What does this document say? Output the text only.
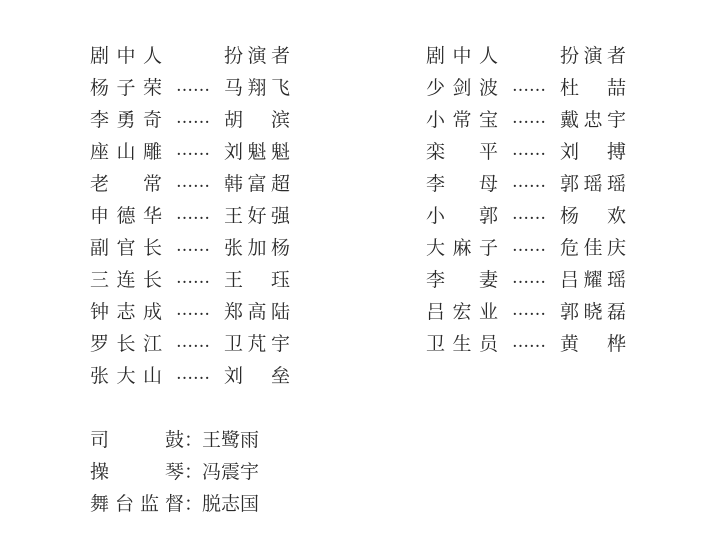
剧中人	扮演者
杨子荣 …… 马翔飞
李勇奇 …… 胡　滨
座山雕 …… 刘魁魁
老　常 …… 韩富超
申德华 …… 王好强
副官长 …… 张加杨
三连长 …… 王　珏
钟志成 …… 郑高陆
罗长江 …… 卫芃宇
张大山 …… 刘　垒
剧中人	扮演者
少剑波 …… 杜　喆
小常宝 …… 戴忠宇
栾　平 …… 刘　搏
李　母 …… 郭瑶瑶
小　郭 …… 杨　欢
大麻子 …… 危佳庆
李　妻 …… 吕耀瑶
吕宏业 …… 郭晓磊
卫生员 …… 黄　桦
司鼓 ：
王鹭雨
操琴 ：
冯震宇
舞台监督 ：
脱志国
